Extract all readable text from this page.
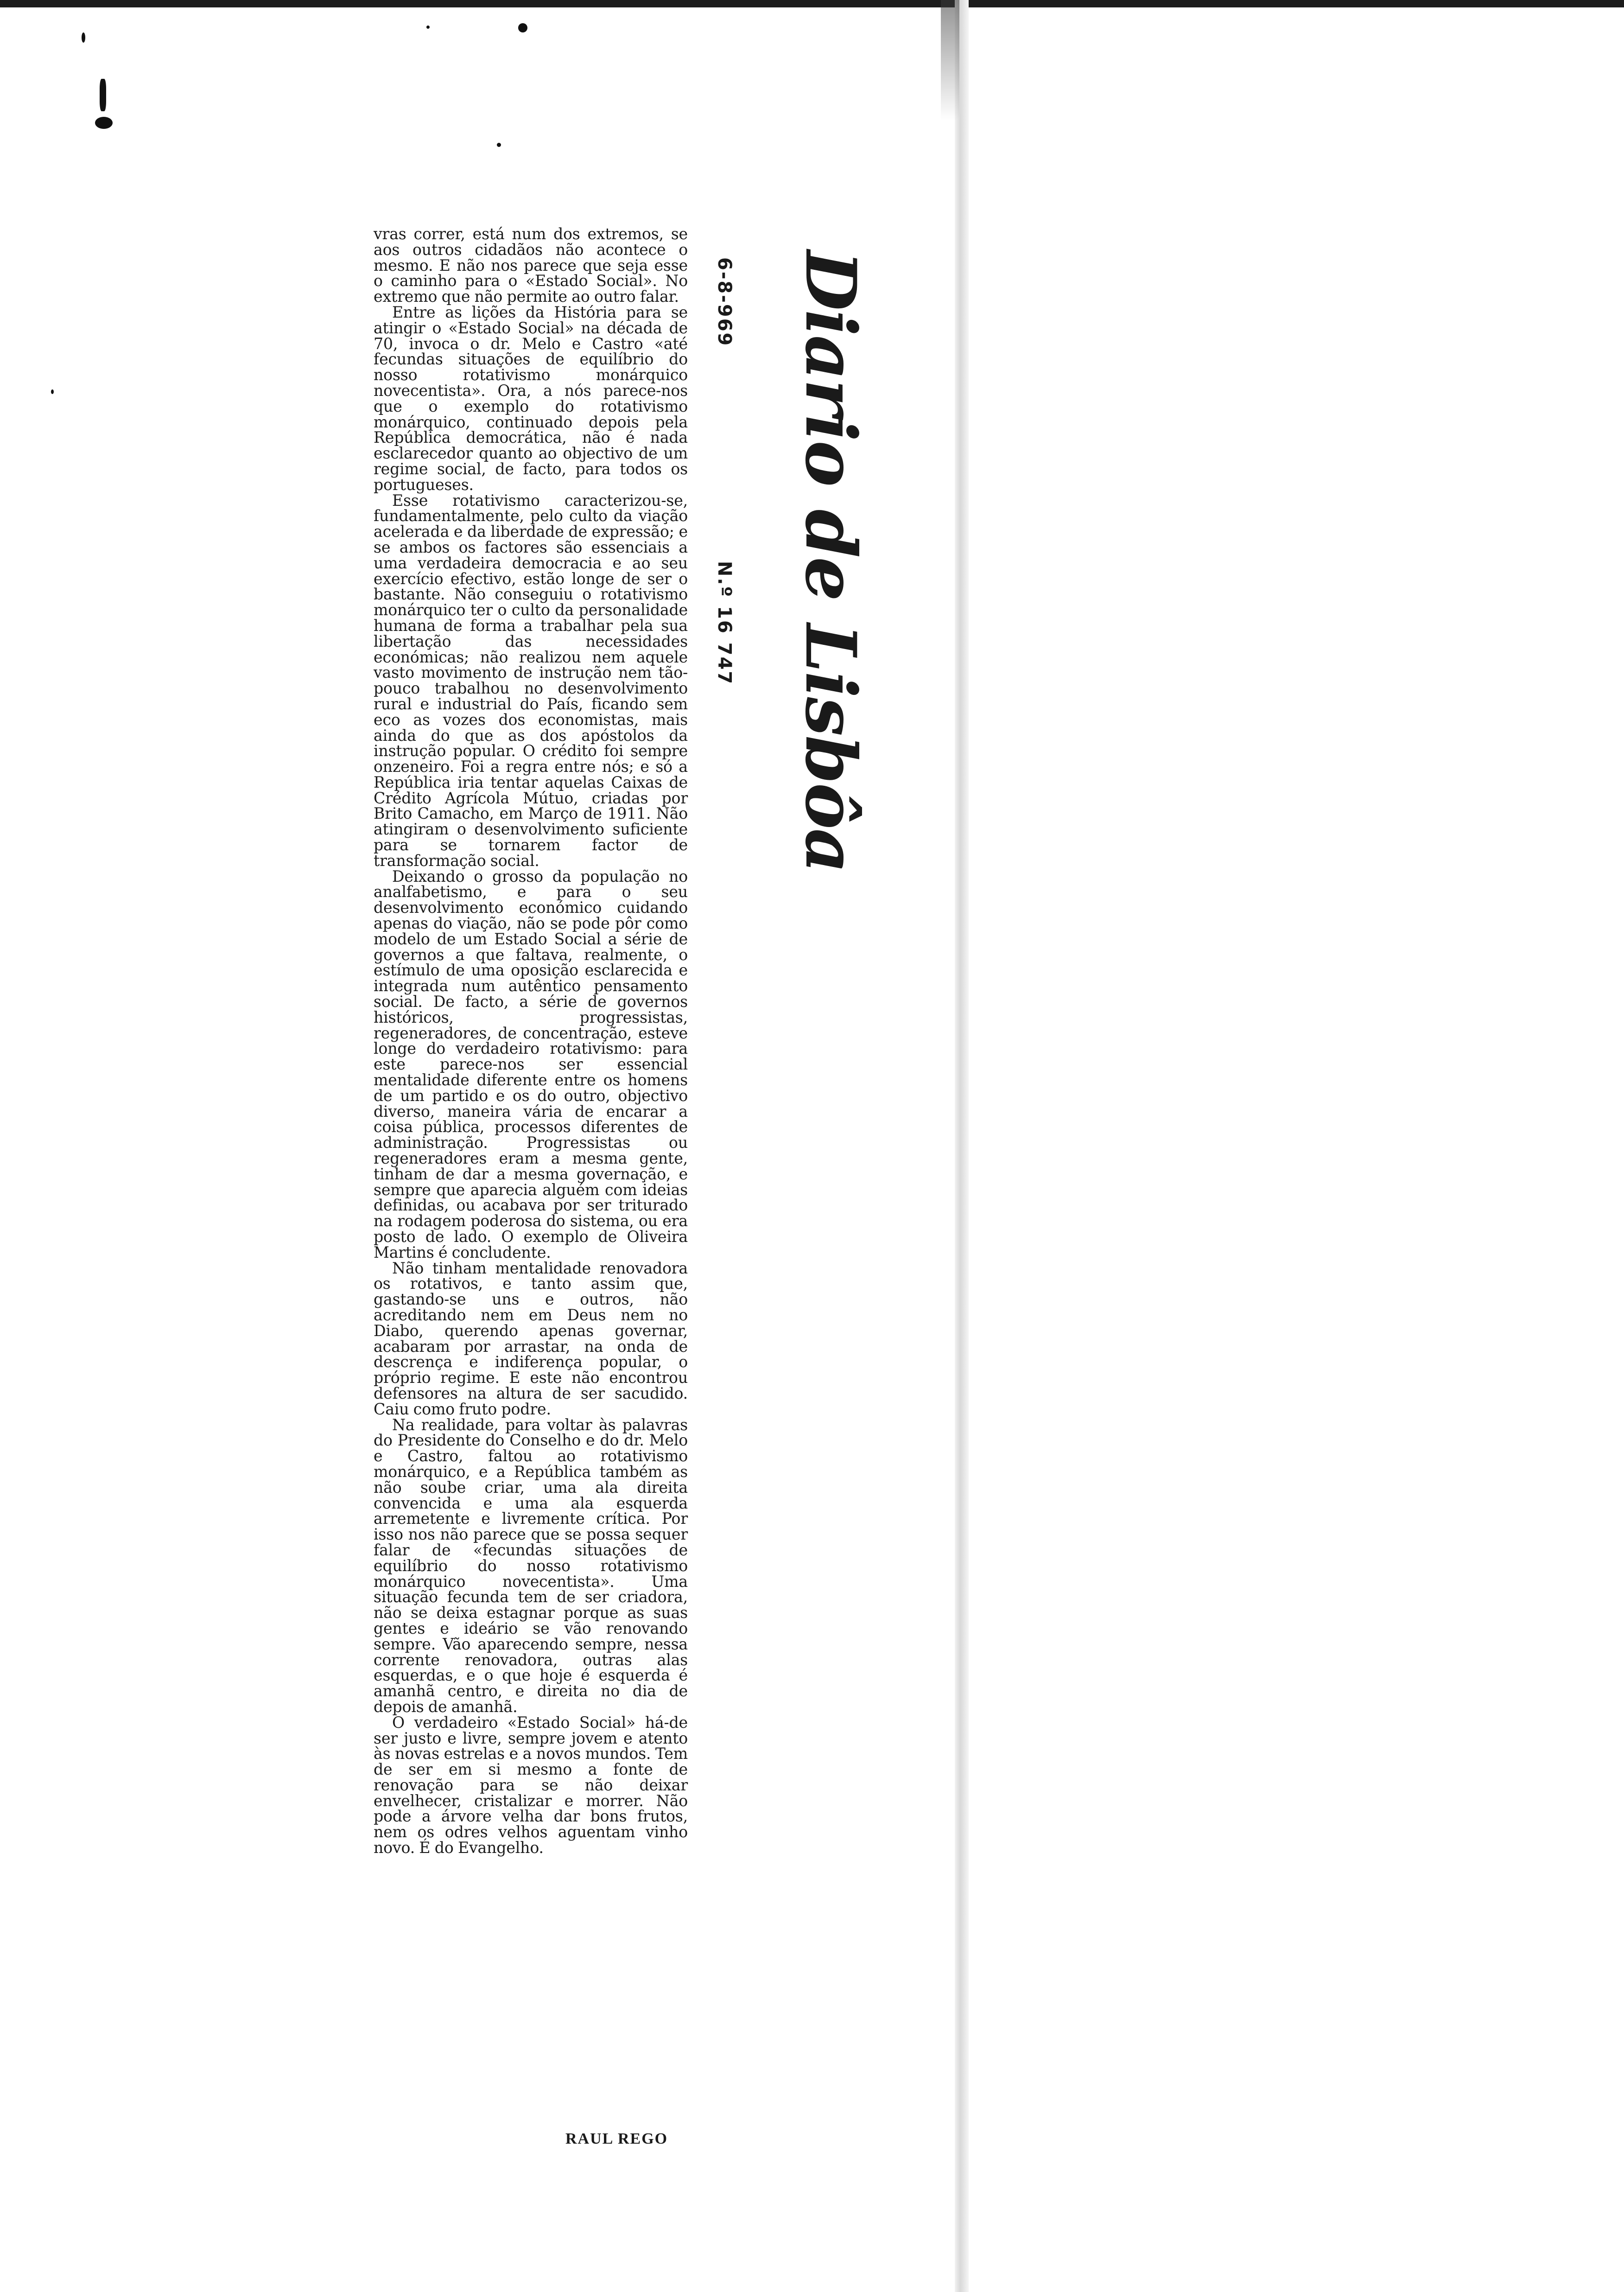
Diario de Lisbôa
6-8-969
N.º 16 747

vras correr, está num dos extremos, se aos outros cidadãos não acontece o mesmo. E não nos parece que seja esse o caminho para o «Estado Social». No extremo que não permite ao outro falar.

Entre as lições da História para se atingir o «Estado Social» na década de 70, invoca o dr. Melo e Castro «até fecundas situações de equilíbrio do nosso rotativismo monárquico novecentista». Ora, a nós parece-nos que o exemplo do rotativismo monárquico, continuado depois pela República democrática, não é nada esclarecedor quanto ao objectivo de um regime social, de facto, para todos os portugueses.

Esse rotativismo caracterizou-se, fundamentalmente, pelo culto da viação acelerada e da liberdade de expressão; e se ambos os factores são essenciais a uma verdadeira democracia e ao seu exercício efectivo, estão longe de ser o bastante. Não conseguiu o rotativismo monárquico ter o culto da personalidade humana de forma a trabalhar pela sua libertação das necessidades económicas; não realizou nem aquele vasto movimento de instrução nem tão-pouco trabalhou no desenvolvimento rural e industrial do País, ficando sem eco as vozes dos economistas, mais ainda do que as dos apóstolos da instrução popular. O crédito foi sempre onzeneiro. Foi a regra entre nós; e só a República iria tentar aquelas Caixas de Crédito Agrícola Mútuo, criadas por Brito Camacho, em Março de 1911. Não atingiram o desenvolvimento suficiente para se tornarem factor de transformação social.

Deixando o grosso da população no analfabetismo, e para o seu desenvolvimento económico cuidando apenas do viação, não se pode pôr como modelo de um Estado Social a série de governos a que faltava, realmente, o estímulo de uma oposição esclarecida e integrada num autêntico pensamento social. De facto, a série de governos históricos, progressistas, regeneradores, de concentração, esteve longe do verdadeiro rotativismo: para este parece-nos ser essencial mentalidade diferente entre os homens de um partido e os do outro, objectivo diverso, maneira vária de encarar a coisa pública, processos diferentes de administração. Progressistas ou regeneradores eram a mesma gente, tinham de dar a mesma governação, e sempre que aparecia alguém com ideias definidas, ou acabava por ser triturado na rodagem poderosa do sistema, ou era posto de lado. O exemplo de Oliveira Martins é concludente.

Não tinham mentalidade renovadora os rotativos, e tanto assim que, gastando-se uns e outros, não acreditando nem em Deus nem no Diabo, querendo apenas governar, acabaram por arrastar, na onda de descrença e indiferença popular, o próprio regime. E este não encontrou defensores na altura de ser sacudido. Caiu como fruto podre.

Na realidade, para voltar às palavras do Presidente do Conselho e do dr. Melo e Castro, faltou ao rotativismo monárquico, e a República também as não soube criar, uma ala direita convencida e uma ala esquerda arremetente e livremente crítica. Por isso nos não parece que se possa sequer falar de «fecundas situações de equilíbrio do nosso rotativismo monárquico novecentista». Uma situação fecunda tem de ser criadora, não se deixa estagnar porque as suas gentes e ideário se vão renovando sempre. Vão aparecendo sempre, nessa corrente renovadora, outras alas esquerdas, e o que hoje é esquerda é amanhã centro, e direita no dia de depois de amanhã.

O verdadeiro «Estado Social» há-de ser justo e livre, sempre jovem e atento às novas estrelas e a novos mundos. Tem de ser em si mesmo a fonte de renovação para se não deixar envelhecer, cristalizar e morrer. Não pode a árvore velha dar bons frutos, nem os odres velhos aguentam vinho novo. É do Evangelho.

RAUL REGO
